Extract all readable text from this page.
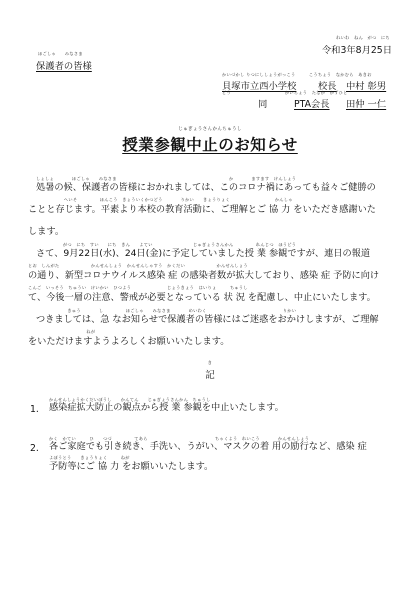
れいわ　ねん　がつ　にち
令和3年8月25日
ほごしゃ　　みなさま
保護者の皆様
かいづかし りつにししょうがっこう　　　こうちょう　なかむら　あきお
貝塚市立西小学校 校長 中村 彰男
どう　　　　　　　　　　　　かいちょう　たなか　かずひと
同	PTA会長 田仲 一仁
じゅぎょうさんかんちゅうし
授業参観中止のお知らせ
しょしょ　　　　ほごしゃ　　みなさま　　　　　　　　　　　　　　　　　　　　　　　　　か　　　　ますます　けんしょう
処暑の候、保護者の皆様におかれましては、このコロナ禍にあっても益々ご健勝の
　　　　　　　　へいそ　　　　　ほんこう　きょういくかつどう　　　　りかい　　きょうりょく　　　　　　　　　　かんしゃ
ことと存じます。平素より本校の教育活動に、ご理解とご 協 力 をいただき感謝いた
します。
　　　　　　がつ　にち　すい　　にち　きん　　よてい　　　　　　　　　じゅぎょうさんかん　　　　　れんじつ　ほうどう
さて、9月22日(水)、24日(金)に予定していました授 業 参観ですが、連日の報道
とお　しんがた　　　　　　　かんせんしょう　かんせんしゃすう　かくだい　　　　　　　かんせんしょう
の通り、新型コロナウイルス感染 症 の感染者数が拡大しており、感染 症 予防に向け
こんご　いっそう　ちゅうい　けいかい　ひつよう　　　　　　　　じょうきょう　はいりょ　　　ちゅうし
て、今後一層の注意、警戒が必要となっている 状 況 を配慮し、中止にいたします。
　　　　　　　きゅう　　　　し　　　　　ほごしゃ　　みなさま　　　　めいわく　　　　　　　　　　　　　　　　　りかい
つきましては、急 なお知らせで保護者の皆様にはご迷惑をおかけしますが、ご理解
　　　　　　　　　　　　　ねが
をいただけますようよろしくお願いいたします。
き
記
1.
かんせんしょうかくだいぼうし　　かんてん　　じゅぎょうさんかん　ちゅうし
感染症拡大防止の観点から授 業 参観を中止いたします。
2.
かく　かてい　　　ひ　　つづ　　　　　てあら　　　　　　　　　　　　　　　ちゃくよう　れいこう　　　　かんせんしょう
各ご家庭でも引き続き、手洗い、うがい、マスクの着 用の励行など、感染 症
よぼうとう　　きょうりょく　　　ねが
予防等にご 協 力 をお願いいたします。
